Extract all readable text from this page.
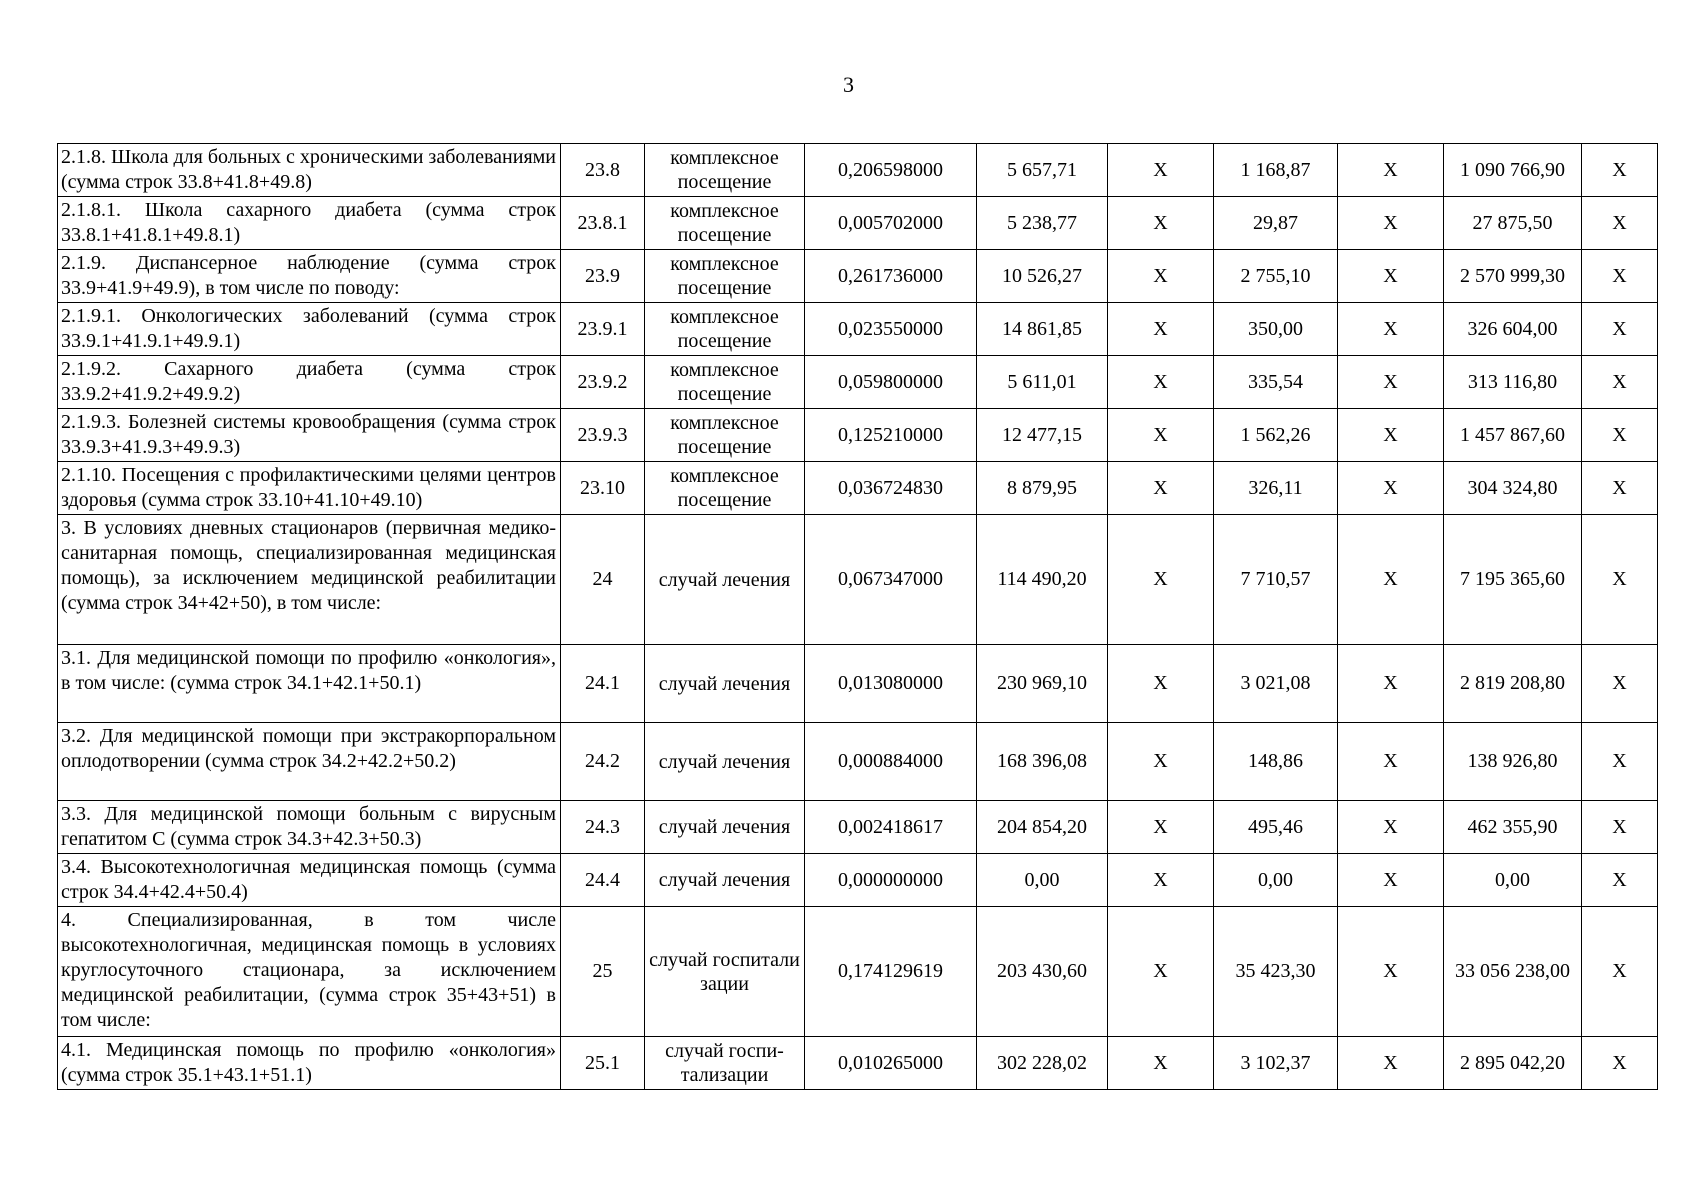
3
2.1.8. Школа для больных с хроническими заболеваниями (сумма строк 33.8+41.8+49.8)	23.8	комплексное посещение	0,206598000	5 657,71	X	1 168,87	X	1 090 766,90	X
2.1.8.1. Школа сахарного диабета (сумма строк 33.8.1+41.8.1+49.8.1)	23.8.1	комплексное посещение	0,005702000	5 238,77	X	29,87	X	27 875,50	X
2.1.9. Диспансерное наблюдение (сумма строк 33.9+41.9+49.9), в том числе по поводу:	23.9	комплексное посещение	0,261736000	10 526,27	X	2 755,10	X	2 570 999,30	X
2.1.9.1. Онкологических заболеваний (сумма строк 33.9.1+41.9.1+49.9.1)	23.9.1	комплексное посещение	0,023550000	14 861,85	X	350,00	X	326 604,00	X
2.1.9.2. Сахарного диабета (сумма строк 33.9.2+41.9.2+49.9.2)	23.9.2	комплексное посещение	0,059800000	5 611,01	X	335,54	X	313 116,80	X
2.1.9.3. Болезней системы кровообращения (сумма строк 33.9.3+41.9.3+49.9.3)	23.9.3	комплексное посещение	0,125210000	12 477,15	X	1 562,26	X	1 457 867,60	X
2.1.10. Посещения с профилактическими целями центров здоровья (сумма строк 33.10+41.10+49.10)	23.10	комплексное посещение	0,036724830	8 879,95	X	326,11	X	304 324,80	X
3. В условиях дневных стационаров (первичная медико-санитарная помощь, специализированная медицинская помощь), за исключением медицинской реабилитации (сумма строк 34+42+50), в том числе:	24	случай лечения	0,067347000	114 490,20	X	7 710,57	X	7 195 365,60	X
3.1. Для медицинской помощи по профилю «онкология», в том числе: (сумма строк 34.1+42.1+50.1)	24.1	случай лечения	0,013080000	230 969,10	X	3 021,08	X	2 819 208,80	X
3.2. Для медицинской помощи при экстракорпоральном оплодотворении (сумма строк 34.2+42.2+50.2)	24.2	случай лечения	0,000884000	168 396,08	X	148,86	X	138 926,80	X
3.3. Для медицинской помощи больным с вирусным гепатитом С (сумма строк 34.3+42.3+50.3)	24.3	случай лечения	0,002418617	204 854,20	X	495,46	X	462 355,90	X
3.4. Высокотехнологичная медицинская помощь (сумма строк 34.4+42.4+50.4)	24.4	случай лечения	0,000000000	0,00	X	0,00	X	0,00	X
4. Специализированная, в том числе высокотехнологичная, медицинская помощь в условиях круглосуточного стационара, за исключением медицинской реабилитации, (сумма строк 35+43+51) в том числе:	25	случай госпитали зации	0,174129619	203 430,60	X	35 423,30	X	33 056 238,00	X
4.1. Медицинская помощь по профилю «онкология» (сумма строк 35.1+43.1+51.1)	25.1	случай госпи-тализации	0,010265000	302 228,02	X	3 102,37	X	2 895 042,20	X
